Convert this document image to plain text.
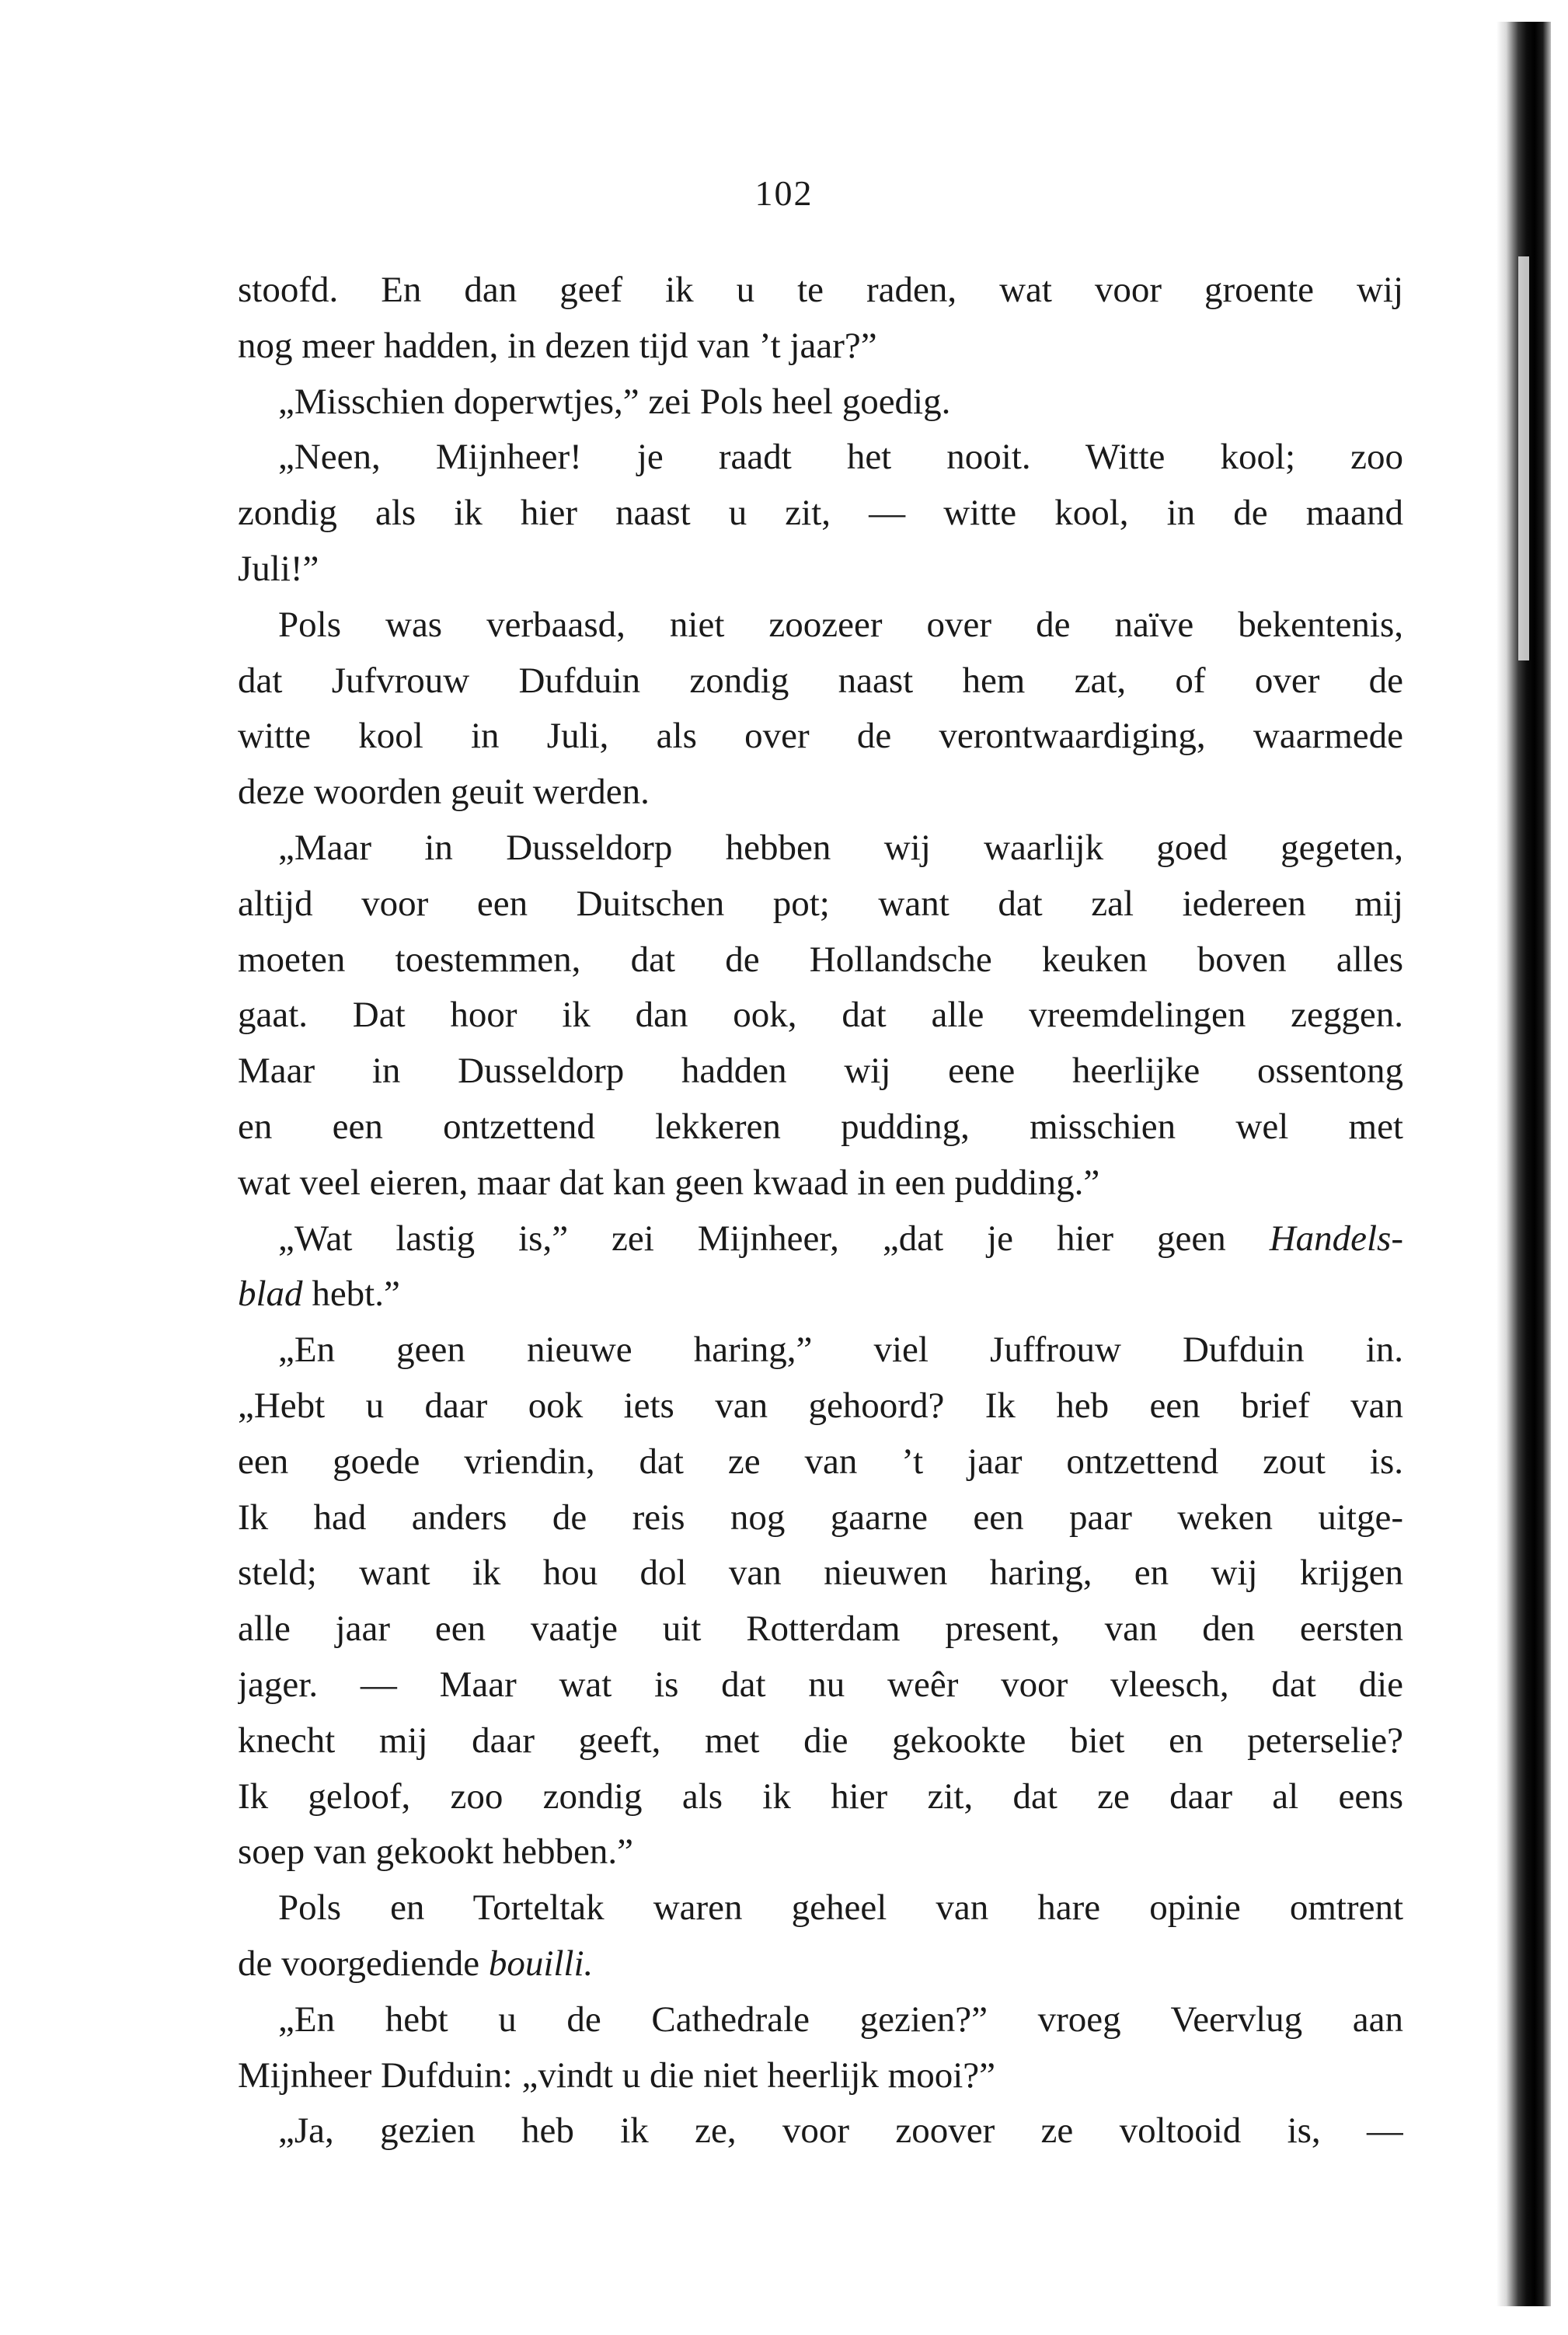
102
stoofd. En dan geef ik u te raden, wat voor groente wij
nog meer hadden, in dezen tijd van ’t jaar?”
„Misschien doperwtjes,” zei Pols heel goedig.
„Neen, Mijnheer! je raadt het nooit. Witte kool; zoo
zondig als ik hier naast u zit, — witte kool, in de maand
Juli!”
Pols was verbaasd, niet zoozeer over de naïve bekentenis,
dat Jufvrouw Dufduin zondig naast hem zat, of over de
witte kool in Juli, als over de verontwaardiging, waarmede
deze woorden geuit werden.
„Maar in Dusseldorp hebben wij waarlijk goed gegeten,
altijd voor een Duitschen pot; want dat zal iedereen mij
moeten toestemmen, dat de Hollandsche keuken boven alles
gaat. Dat hoor ik dan ook, dat alle vreemdelingen zeggen.
Maar in Dusseldorp hadden wij eene heerlijke ossentong
en een ontzettend lekkeren pudding, misschien wel met
wat veel eieren, maar dat kan geen kwaad in een pudding.”
„Wat lastig is,” zei Mijnheer, „dat je hier geen Handels-
blad hebt.”
„En geen nieuwe haring,” viel Juffrouw Dufduin in.
„Hebt u daar ook iets van gehoord? Ik heb een brief van
een goede vriendin, dat ze van ’t jaar ontzettend zout is.
Ik had anders de reis nog gaarne een paar weken uitge-
steld; want ik hou dol van nieuwen haring, en wij krijgen
alle jaar een vaatje uit Rotterdam present, van den eersten
jager. — Maar wat is dat nu weêr voor vleesch, dat die
knecht mij daar geeft, met die gekookte biet en peterselie?
Ik geloof, zoo zondig als ik hier zit, dat ze daar al eens
soep van gekookt hebben.”
Pols en Torteltak waren geheel van hare opinie omtrent
de voorgediende bouilli.
„En hebt u de Cathedrale gezien?” vroeg Veervlug aan
Mijnheer Dufduin: „vindt u die niet heerlijk mooi?”
„Ja, gezien heb ik ze, voor zoover ze voltooid is, —
